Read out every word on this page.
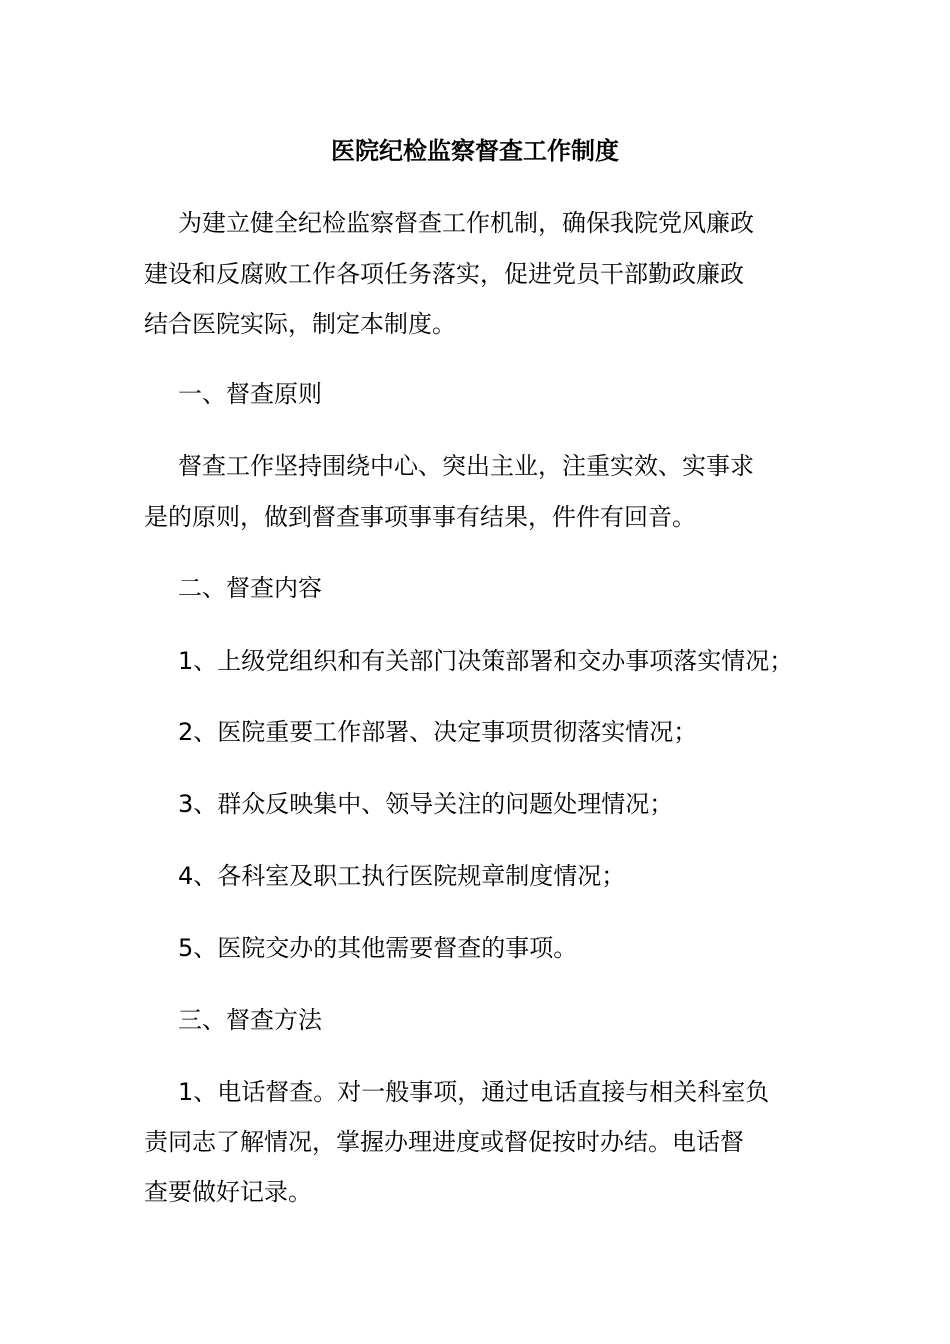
医院纪检监察督查工作制度
为建立健全纪检监察督查工作机制，确保我院党风廉政
建设和反腐败工作各项任务落实，促进党员干部勤政廉政
结合医院实际，制定本制度。
一、督查原则
督查工作坚持围绕中心、突出主业，注重实效、实事求
是的原则，做到督查事项事事有结果，件件有回音。
二、督查内容
1、上级党组织和有关部门决策部署和交办事项落实情况；
2、医院重要工作部署、决定事项贯彻落实情况；
3、群众反映集中、领导关注的问题处理情况；
4、各科室及职工执行医院规章制度情况；
5、医院交办的其他需要督查的事项。
三、督查方法
1、电话督查。对一般事项，通过电话直接与相关科室负
责同志了解情况，掌握办理进度或督促按时办结。电话督
查要做好记录。
